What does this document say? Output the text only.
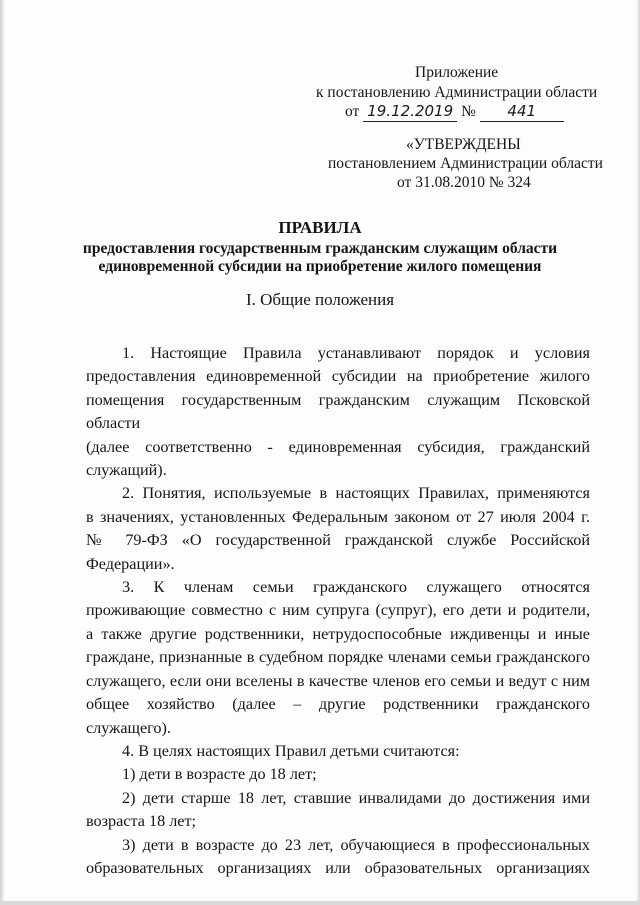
Приложение
к постановлению Администрации области
от 19.12.2019 № 441
«УТВЕРЖДЕНЫ
постановлением Администрации области
от 31.08.2010 № 324
ПРАВИЛА
предоставления государственным гражданским служащим области
единовременной субсидии на приобретение жилого помещения
I. Общие положения
1. Настоящие Правила устанавливают порядок и условия
предоставления единовременной субсидии на приобретение жилого
помещения государственным гражданским служащим Псковской области
(далее соответственно - единовременная субсидия, гражданский
служащий).
2. Понятия, используемые в настоящих Правилах, применяются
в значениях, установленных Федеральным законом от 27 июля 2004 г.
№ 79-ФЗ «О государственной гражданской службе Российской
Федерации».
3. К членам семьи гражданского служащего относятся
проживающие совместно с ним супруга (супруг), его дети и родители,
а также другие родственники, нетрудоспособные иждивенцы и иные
граждане, признанные в судебном порядке членами семьи гражданского
служащего, если они вселены в качестве членов его семьи и ведут с ним
общее хозяйство (далее – другие родственники гражданского
служащего).
4. В целях настоящих Правил детьми считаются:
1) дети в возрасте до 18 лет;
2) дети старше 18 лет, ставшие инвалидами до достижения ими
возраста 18 лет;
3) дети в возрасте до 23 лет, обучающиеся в профессиональных
образовательных организациях или образовательных организациях
